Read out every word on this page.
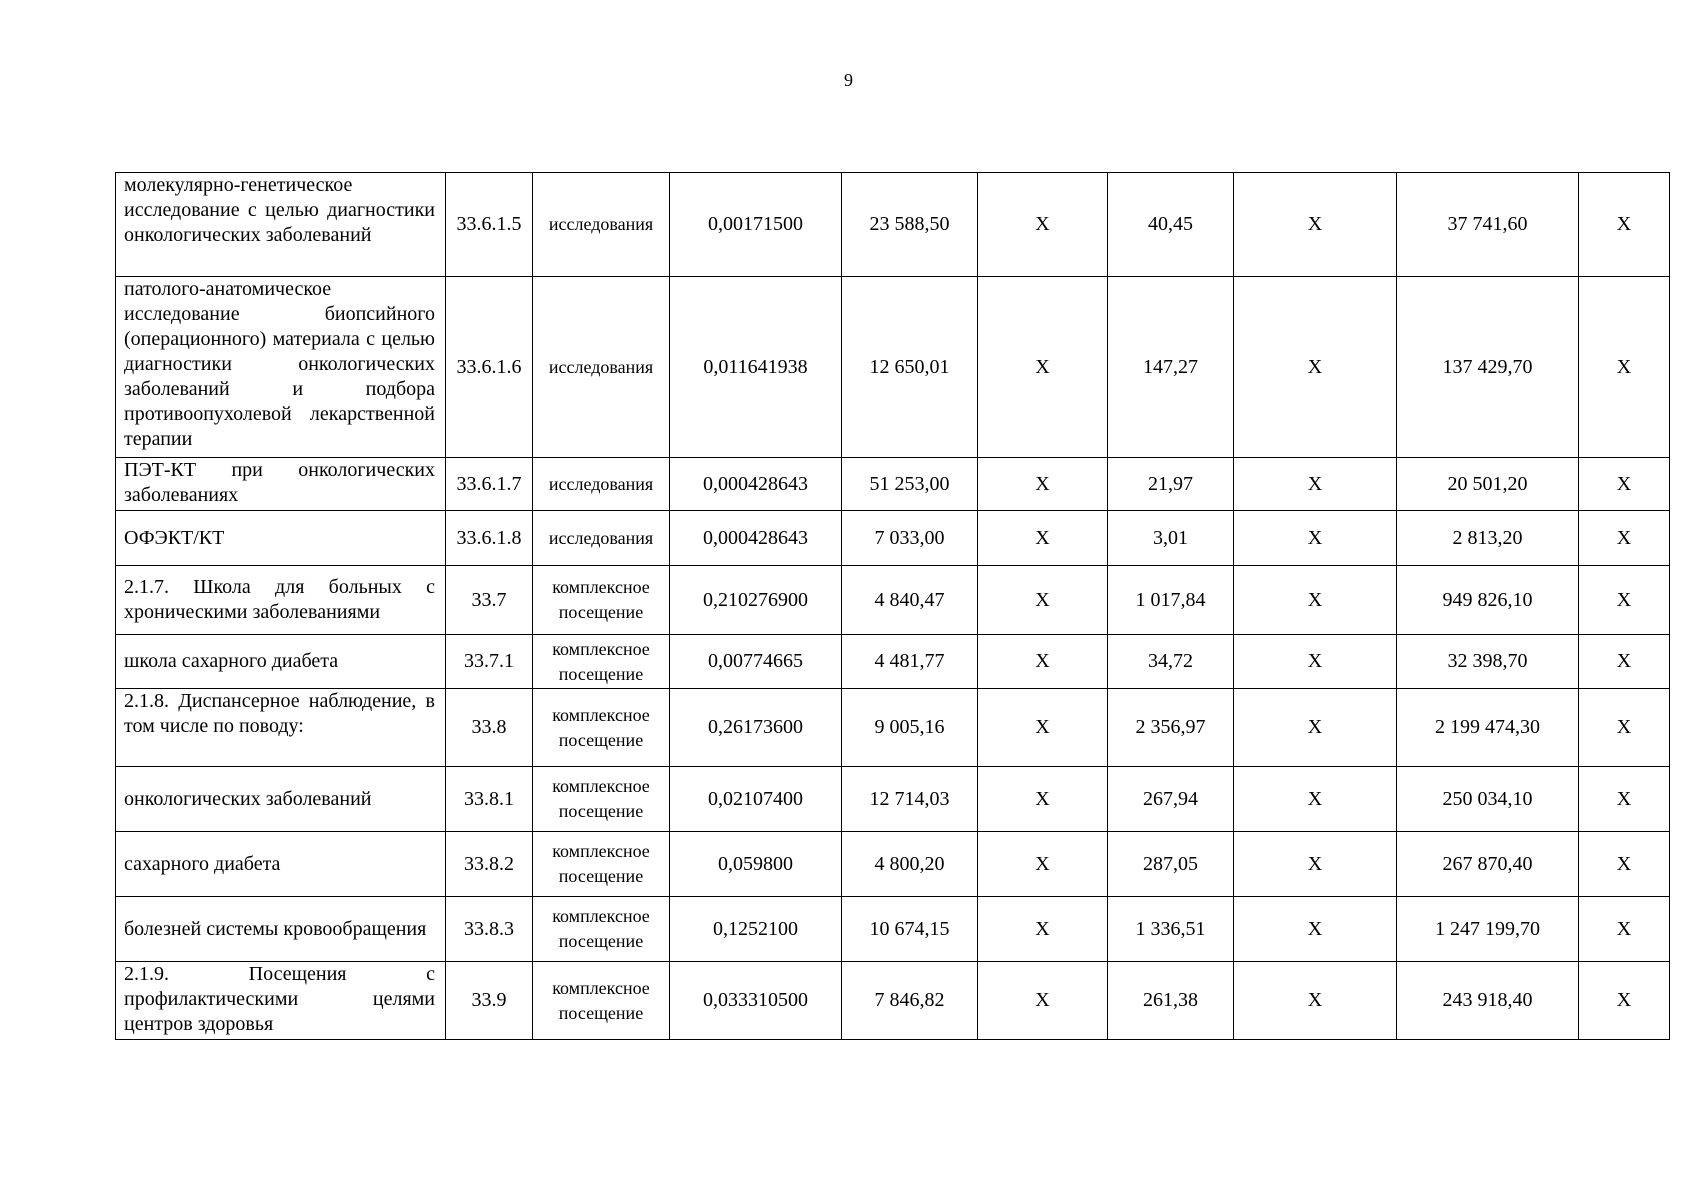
9
молекулярно-генетическое исследование с целью диагностики онкологических заболеваний	33.6.1.5	исследования	0,00171500	23 588,50	Х	40,45	Х	37 741,60	Х
патолого-анатомическое исследование биопсийного (операционного) материала с целью диагностики онкологических заболеваний и подбора противоопухолевой лекарственной терапии	33.6.1.6	исследования	0,011641938	12 650,01	Х	147,27	Х	137 429,70	Х
ПЭТ-КТ при онкологических заболеваниях	33.6.1.7	исследования	0,000428643	51 253,00	Х	21,97	Х	20 501,20	Х
ОФЭКТ/КТ	33.6.1.8	исследования	0,000428643	7 033,00	Х	3,01	Х	2 813,20	Х
2.1.7. Школа для больных с хроническими заболеваниями	33.7	комплексное посещение	0,210276900	4 840,47	Х	1 017,84	Х	949 826,10	Х
школа сахарного диабета	33.7.1	комплексное посещение	0,00774665	4 481,77	Х	34,72	Х	32 398,70	Х
2.1.8. Диспансерное наблюдение, в том числе по поводу:	33.8	комплексное посещение	0,26173600	9 005,16	Х	2 356,97	Х	2 199 474,30	Х
онкологических заболеваний	33.8.1	комплексное посещение	0,02107400	12 714,03	Х	267,94	Х	250 034,10	Х
сахарного диабета	33.8.2	комплексное посещение	0,059800	4 800,20	Х	287,05	Х	267 870,40	Х
болезней системы кровообращения	33.8.3	комплексное посещение	0,1252100	10 674,15	Х	1 336,51	Х	1 247 199,70	Х
2.1.9. Посещения с профилактическими целями центров здоровья	33.9	комплексное посещение	0,033310500	7 846,82	Х	261,38	Х	243 918,40	Х
